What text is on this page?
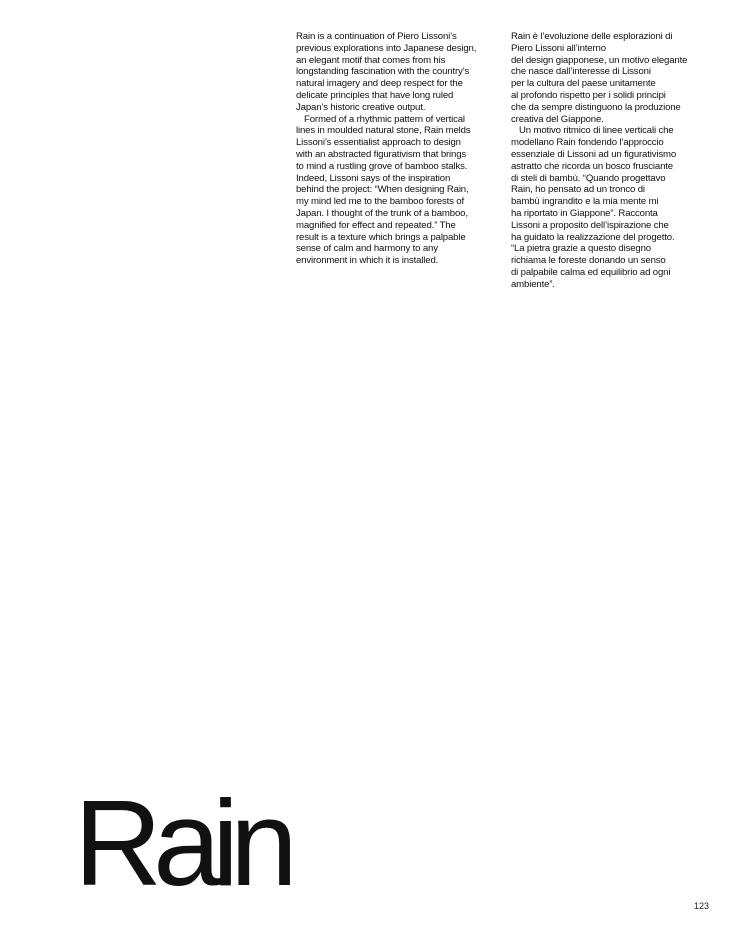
Rain is a continuation of Piero Lissoni’s
previous explorations into Japanese design,
an elegant motif that comes from his
longstanding fascination with the country’s
natural imagery and deep respect for the
delicate principles that have long ruled
Japan’s historic creative output.
Formed of a rhythmic pattern of vertical
lines in moulded natural stone, Rain melds
Lissoni’s essentialist approach to design
with an abstracted figurativism that brings
to mind a rustling grove of bamboo stalks.
Indeed, Lissoni says of the inspiration
behind the project: “When designing Rain,
my mind led me to the bamboo forests of
Japan. I thought of the trunk of a bamboo,
magnified for effect and repeated.” The
result is a texture which brings a palpable
sense of calm and harmony to any
environment in which it is installed.
Rain è l’evoluzione delle esplorazioni di
Piero Lissoni all’interno
del design giapponese, un motivo elegante
che nasce dall’interesse di Lissoni
per la cultura del paese unitamente
al profondo rispetto per i solidi principi
che da sempre distinguono la produzione
creativa del Giappone.
Un motivo ritmico di linee verticali che
modellano Rain fondendo l’approccio
essenziale di Lissoni ad un figurativismo
astratto che ricorda un bosco frusciante
di steli di bambù. “Quando progettavo
Rain, ho pensato ad un tronco di
bambù ingrandito e la mia mente mi
ha riportato in Giappone”. Racconta
Lissoni a proposito dell’ispirazione che
ha guidato la realizzazione del progetto.
“La pietra grazie a questo disegno
richiama le foreste donando un senso
di palpabile calma ed equilibrio ad ogni
ambiente”.
Rain	123
